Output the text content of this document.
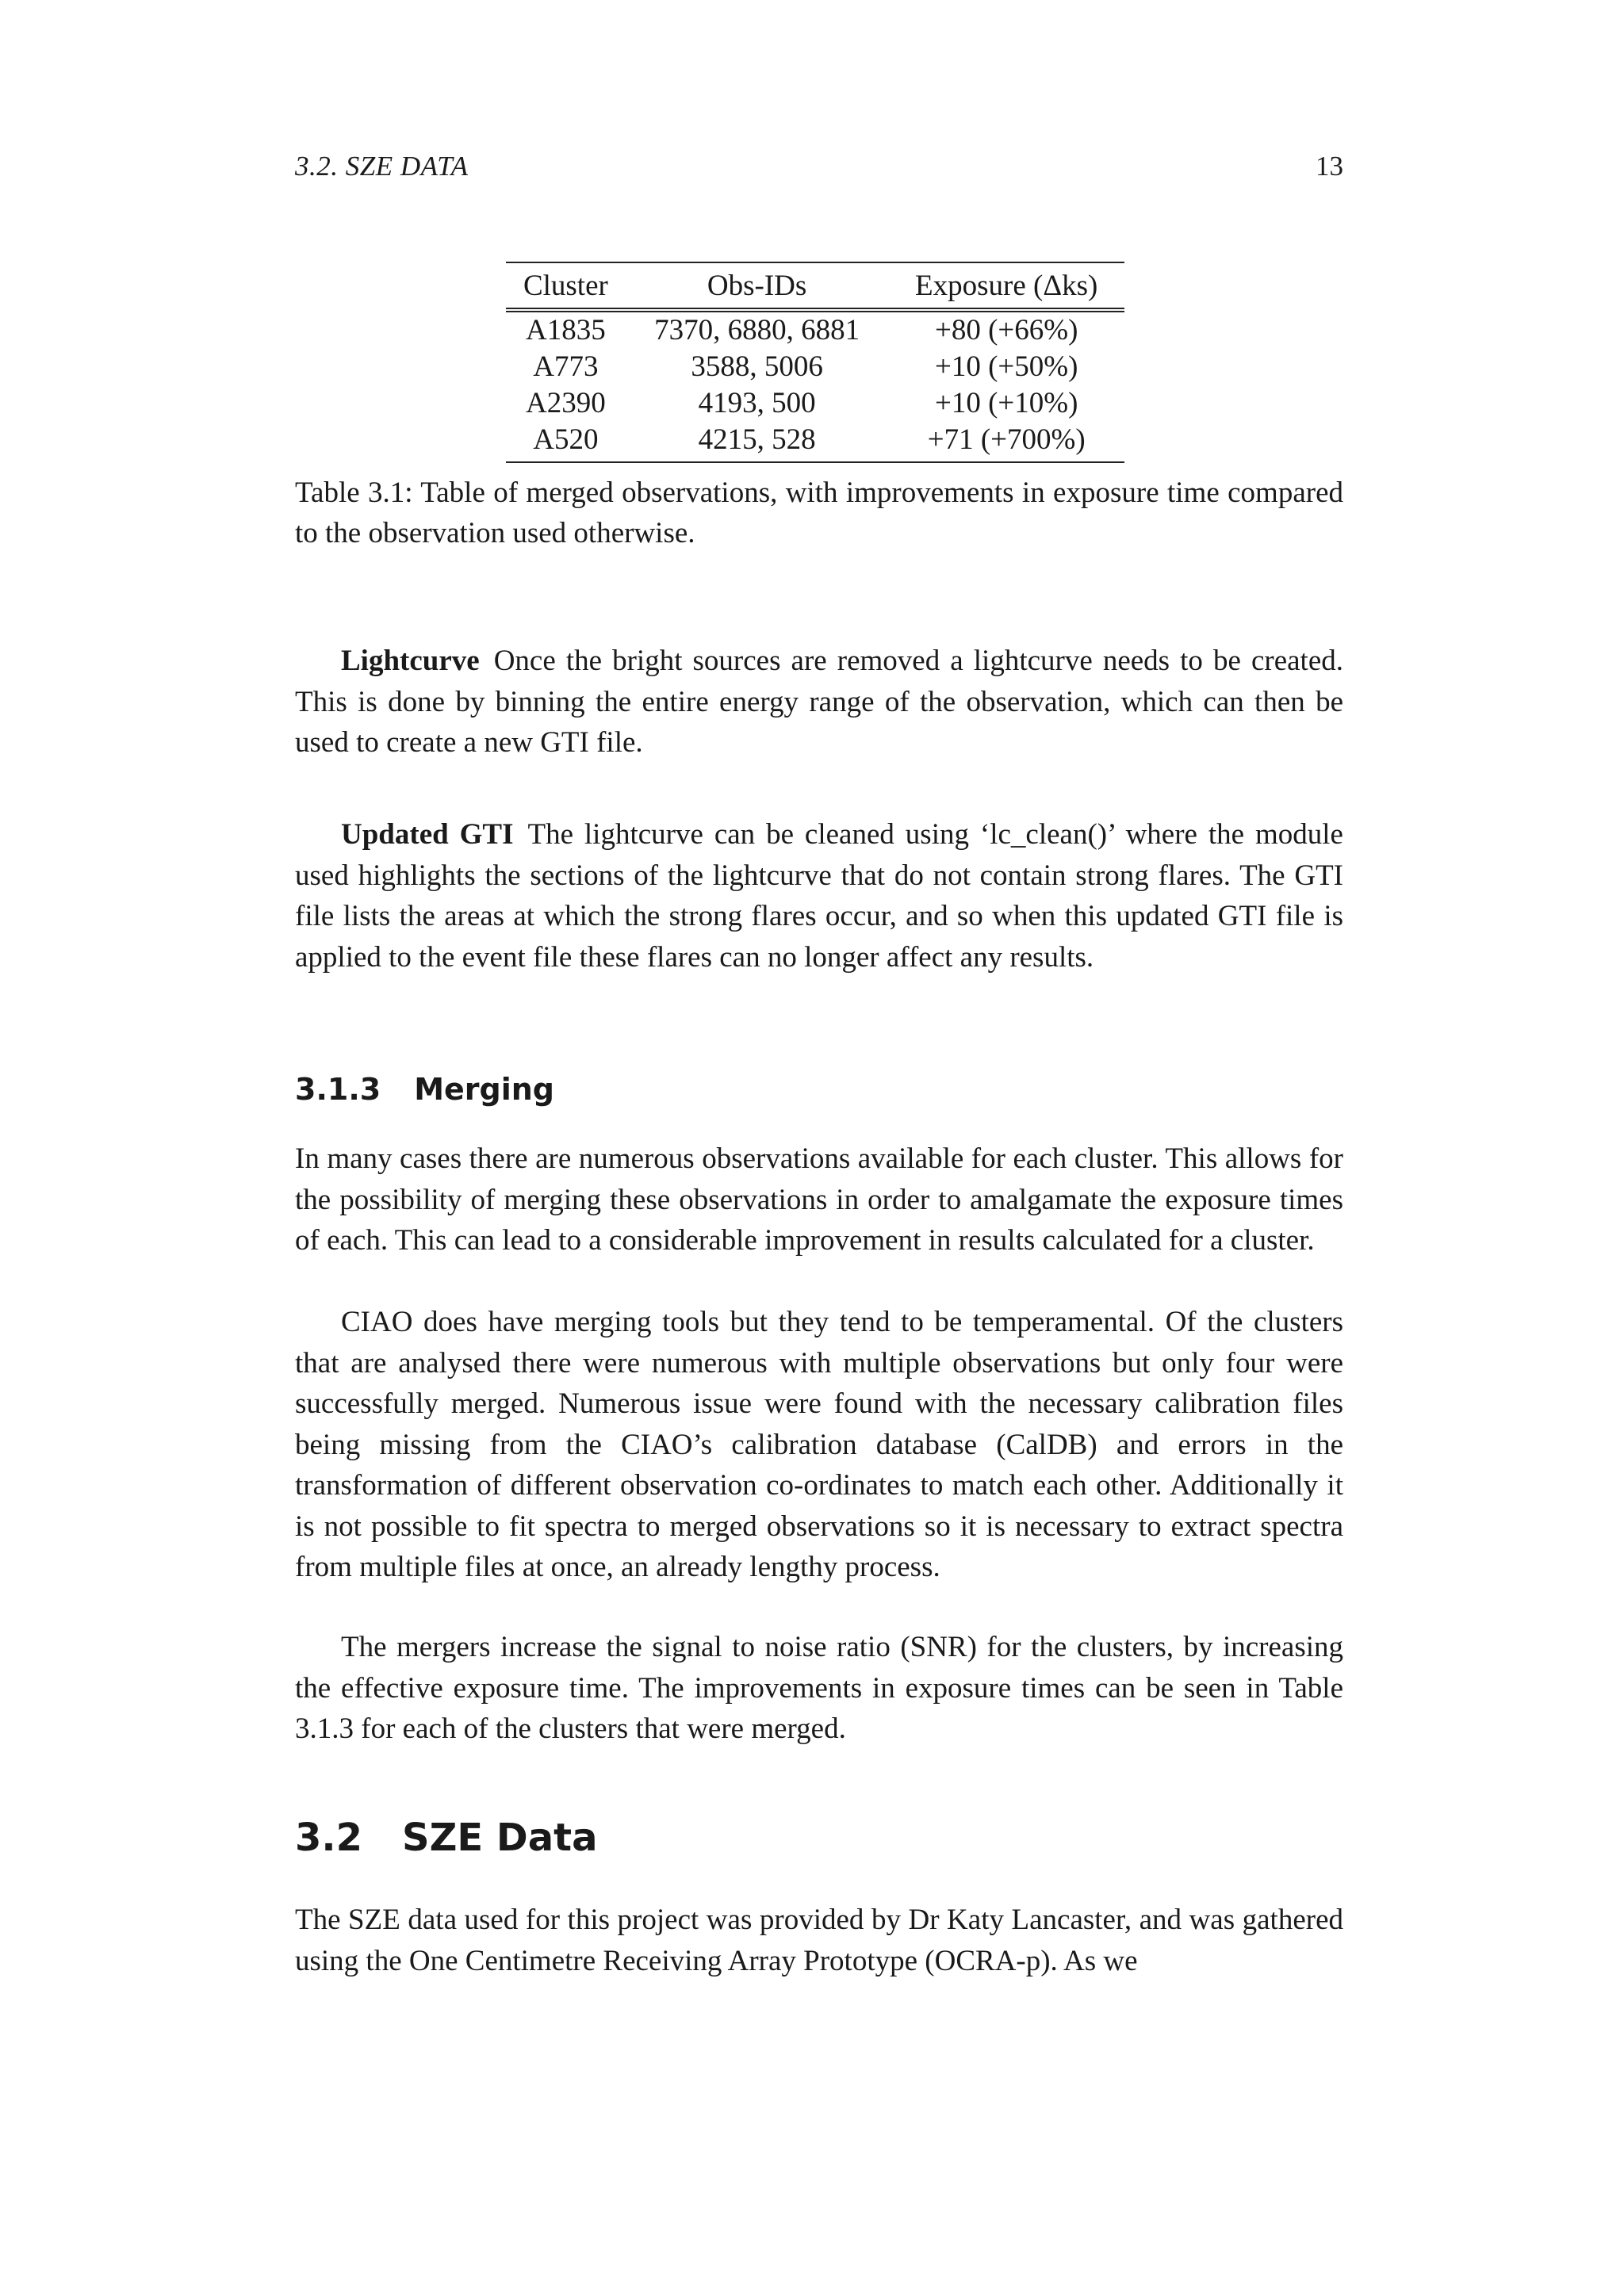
3.2. SZE DATA	13
Cluster	Obs-IDs	Exposure (Δks)
A1835	7370, 6880, 6881	+80 (+66%)
A773	3588, 5006	+10 (+50%)
A2390	4193, 500	+10 (+10%)
A520	4215, 528	+71 (+700%)
Table 3.1: Table of merged observations, with improvements in exposure time compared to the observation used otherwise.

Lightcurve Once the bright sources are removed a lightcurve needs to be created. This is done by binning the entire energy range of the observation, which can then be used to create a new GTI file.

Updated GTI The lightcurve can be cleaned using ‘lc_clean()’ where the module used highlights the sections of the lightcurve that do not contain strong flares. The GTI file lists the areas at which the strong flares occur, and so when this updated GTI file is applied to the event file these flares can no longer affect any results.

3.1.3 Merging

In many cases there are numerous observations available for each cluster. This allows for the possibility of merging these observations in order to amalgamate the exposure times of each. This can lead to a considerable improvement in results calculated for a cluster.

CIAO does have merging tools but they tend to be temperamental. Of the clusters that are analysed there were numerous with multiple observations but only four were successfully merged. Numerous issue were found with the necessary calibration files being missing from the CIAO’s calibration database (CalDB) and errors in the transformation of different observation co-ordinates to match each other. Additionally it is not possible to fit spectra to merged observations so it is necessary to extract spectra from multiple files at once, an already lengthy process.

The mergers increase the signal to noise ratio (SNR) for the clusters, by increasing the effective exposure time. The improvements in exposure times can be seen in Table 3.1.3 for each of the clusters that were merged.

3.2 SZE Data

The SZE data used for this project was provided by Dr Katy Lancaster, and was gathered using the One Centimetre Receiving Array Prototype (OCRA-p). As we
